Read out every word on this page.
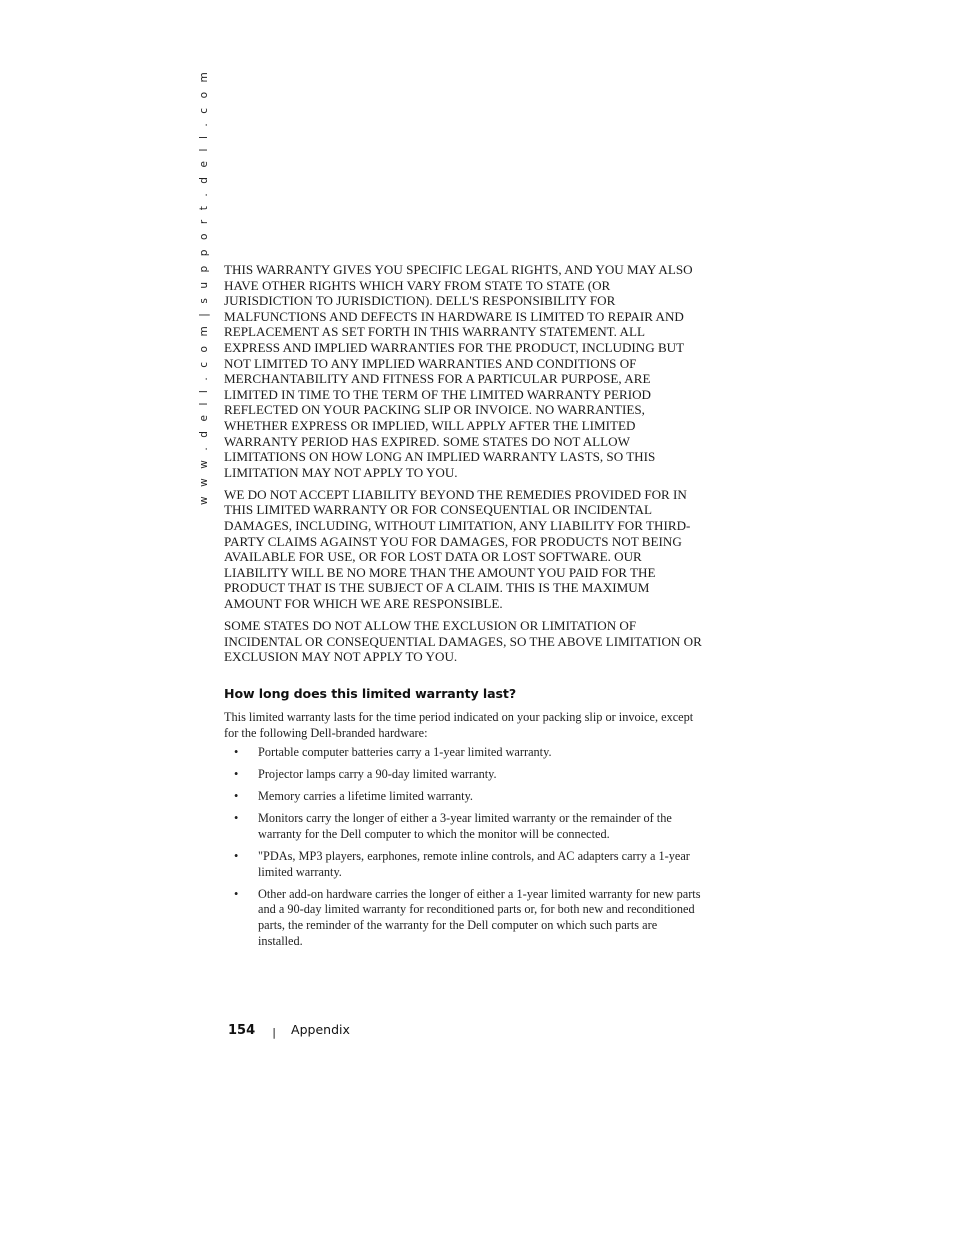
w w w . d e l l . c o m | s u p p o r t . d e l l . c o m THIS WARRANTY GIVES YOU SPECIFIC LEGAL RIGHTS, AND YOU MAY ALSO HAVE OTHER RIGHTS WHICH VARY FROM STATE TO STATE (OR JURISDICTION TO JURISDICTION). DELL'S RESPONSIBILITY FOR MALFUNCTIONS AND DEFECTS IN HARDWARE IS LIMITED TO REPAIR AND REPLACEMENT AS SET FORTH IN THIS WARRANTY STATEMENT. ALL EXPRESS AND IMPLIED WARRANTIES FOR THE PRODUCT, INCLUDING BUT NOT LIMITED TO ANY IMPLIED WARRANTIES AND CONDITIONS OF MERCHANTABILITY AND FITNESS FOR A PARTICULAR PURPOSE, ARE LIMITED IN TIME TO THE TERM OF THE LIMITED WARRANTY PERIOD REFLECTED ON YOUR PACKING SLIP OR INVOICE. NO WARRANTIES, WHETHER EXPRESS OR IMPLIED, WILL APPLY AFTER THE LIMITED WARRANTY PERIOD HAS EXPIRED. SOME STATES DO NOT ALLOW LIMITATIONS ON HOW LONG AN IMPLIED WARRANTY LASTS, SO THIS LIMITATION MAY NOT APPLY TO YOU.

WE DO NOT ACCEPT LIABILITY BEYOND THE REMEDIES PROVIDED FOR IN THIS LIMITED WARRANTY OR FOR CONSEQUENTIAL OR INCIDENTAL DAMAGES, INCLUDING, WITHOUT LIMITATION, ANY LIABILITY FOR THIRD-PARTY CLAIMS AGAINST YOU FOR DAMAGES, FOR PRODUCTS NOT BEING AVAILABLE FOR USE, OR FOR LOST DATA OR LOST SOFTWARE. OUR LIABILITY WILL BE NO MORE THAN THE AMOUNT YOU PAID FOR THE PRODUCT THAT IS THE SUBJECT OF A CLAIM. THIS IS THE MAXIMUM AMOUNT FOR WHICH WE ARE RESPONSIBLE.

SOME STATES DO NOT ALLOW THE EXCLUSION OR LIMITATION OF INCIDENTAL OR CONSEQUENTIAL DAMAGES, SO THE ABOVE LIMITATION OR EXCLUSION MAY NOT APPLY TO YOU.

How long does this limited warranty last?

This limited warranty lasts for the time period indicated on your packing slip or invoice, except for the following Dell-branded hardware:

• Portable computer batteries carry a 1-year limited warranty.
• Projector lamps carry a 90-day limited warranty.
• Memory carries a lifetime limited warranty.
• Monitors carry the longer of either a 3-year limited warranty or the remainder of the warranty for the Dell computer to which the monitor will be connected.
• "PDAs, MP3 players, earphones, remote inline controls, and AC adapters carry a 1-year limited warranty.
• Other add-on hardware carries the longer of either a 1-year limited warranty for new parts and a 90-day limited warranty for reconditioned parts or, for both new and reconditioned parts, the reminder of the warranty for the Dell computer on which such parts are installed.
154 | Appendix
